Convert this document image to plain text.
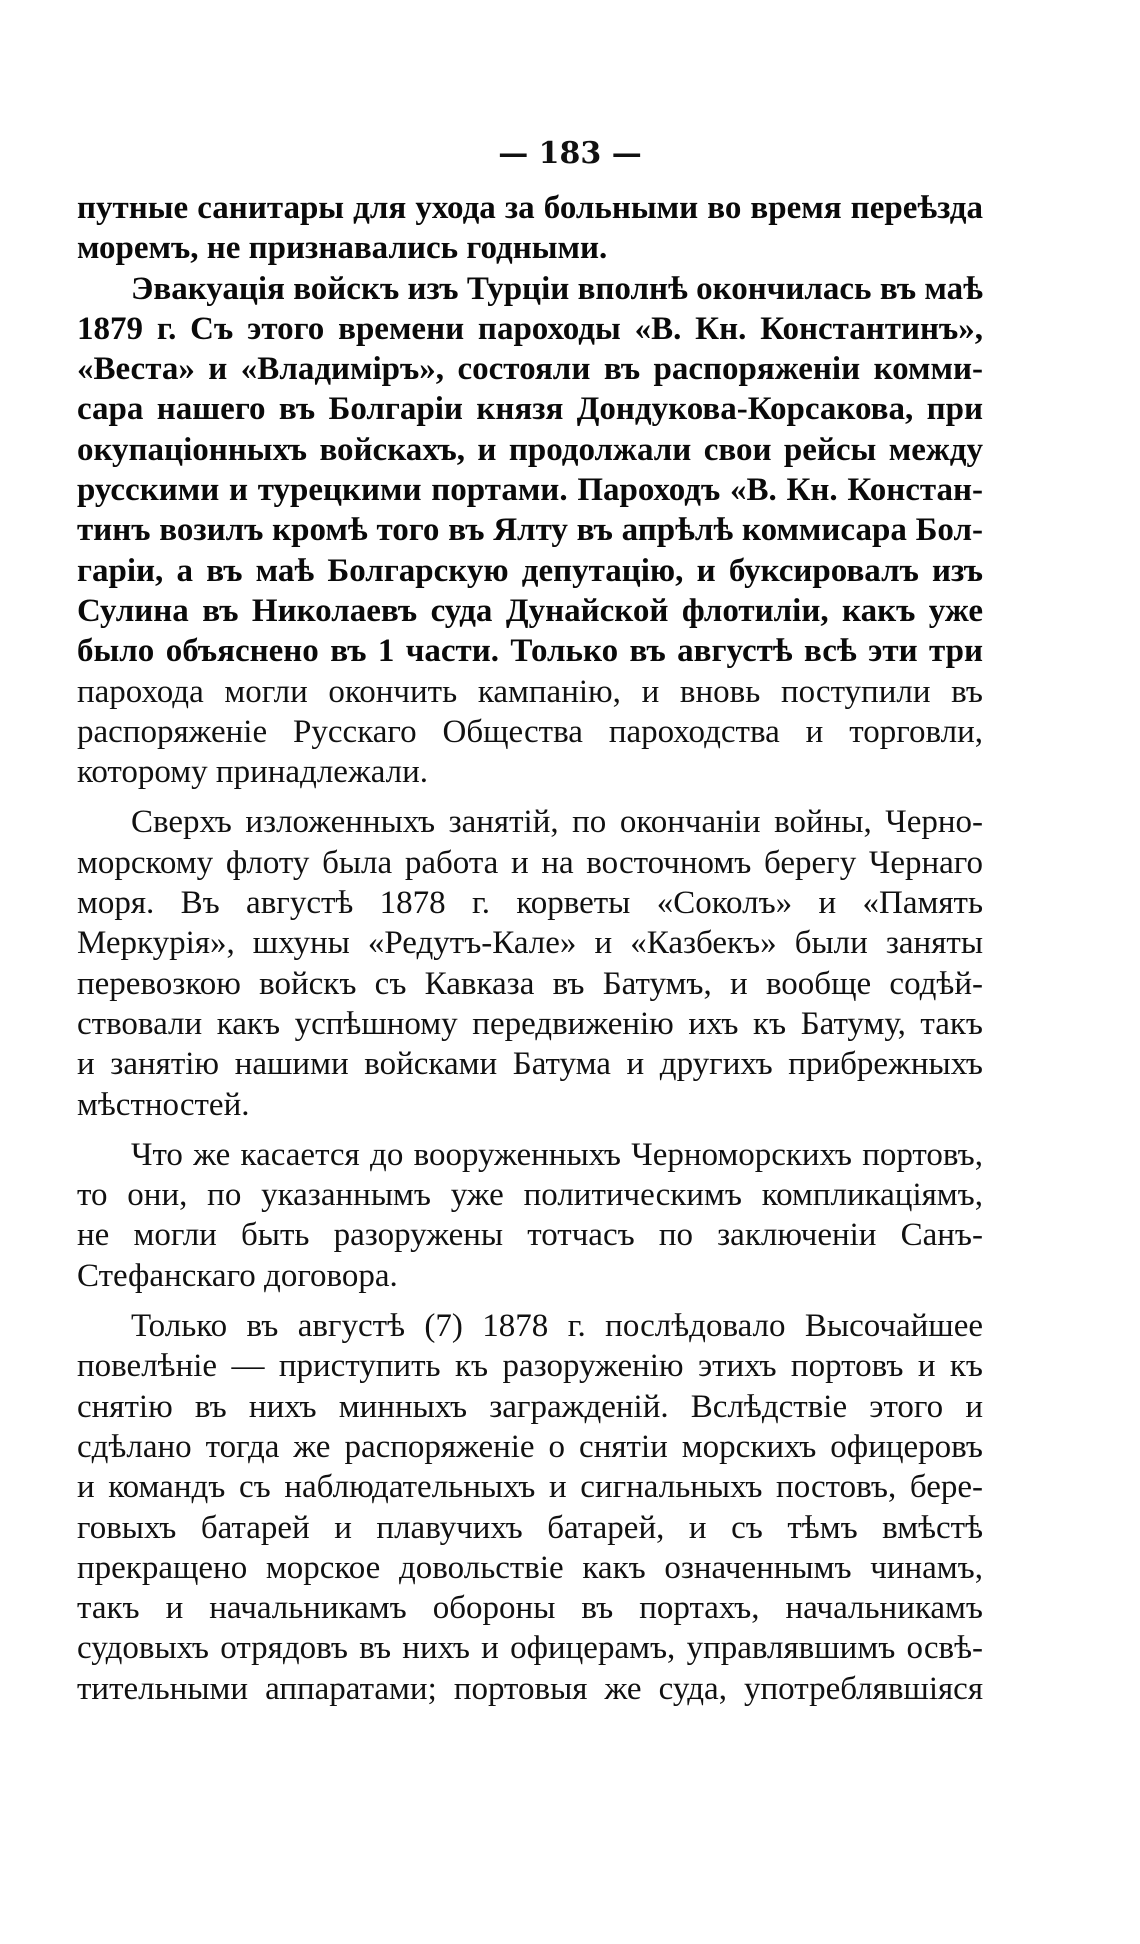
— 183 —
путные санитары для ухода за больными во время переѣзда
моремъ, не признавались годными.
Эвакуація войскъ изъ Турціи вполнѣ окончилась въ маѣ
1879 г. Съ этого времени пароходы «В. Кн. Константинъ»,
«Веста» и «Владиміръ», состояли въ распоряженіи комми-
сара нашего въ Болгаріи князя Дондукова-Корсакова, при
окупаціонныхъ войскахъ, и продолжали свои рейсы между
русскими и турецкими портами. Пароходъ «В. Кн. Констан-
тинъ возилъ кромѣ того въ Ялту въ апрѣлѣ коммисара Бол-
гаріи, а въ маѣ Болгарскую депутацію, и буксировалъ изъ
Сулина въ Николаевъ суда Дунайской флотиліи, какъ уже
было объяснено въ 1 части. Только въ августѣ всѣ эти три
парохода могли окончить кампанію, и вновь поступили въ
распоряженіе Русскаго Общества пароходства и торговли,
которому принадлежали.
Сверхъ изложенныхъ занятій, по окончаніи войны, Черно-
морскому флоту была работа и на восточномъ берегу Чернаго
моря. Въ августѣ 1878 г. корветы «Соколъ» и «Память
Меркурія», шхуны «Редутъ-Кале» и «Казбекъ» были заняты
перевозкою войскъ съ Кавказа въ Батумъ, и вообще содѣй-
ствовали какъ успѣшному передвиженію ихъ къ Батуму, такъ
и занятію нашими войсками Батума и другихъ прибрежныхъ
мѣстностей.
Что же касается до вооруженныхъ Черноморскихъ портовъ,
то они, по указаннымъ уже политическимъ компликаціямъ,
не могли быть разоружены тотчасъ по заключеніи Санъ-
Стефанскаго договора.
Только въ августѣ (7) 1878 г. послѣдовало Высочайшее
повелѣніе — приступить къ разоруженію этихъ портовъ и къ
снятію въ нихъ минныхъ загражденій. Вслѣдствіе этого и
сдѣлано тогда же распоряженіе о снятіи морскихъ офицеровъ
и командъ съ наблюдательныхъ и сигнальныхъ постовъ, бере-
говыхъ батарей и плавучихъ батарей, и съ тѣмъ вмѣстѣ
прекращено морское довольствіе какъ означеннымъ чинамъ,
такъ и начальникамъ обороны въ портахъ, начальникамъ
судовыхъ отрядовъ въ нихъ и офицерамъ, управлявшимъ освѣ-
тительными аппаратами; портовыя же суда, употреблявшіяся
